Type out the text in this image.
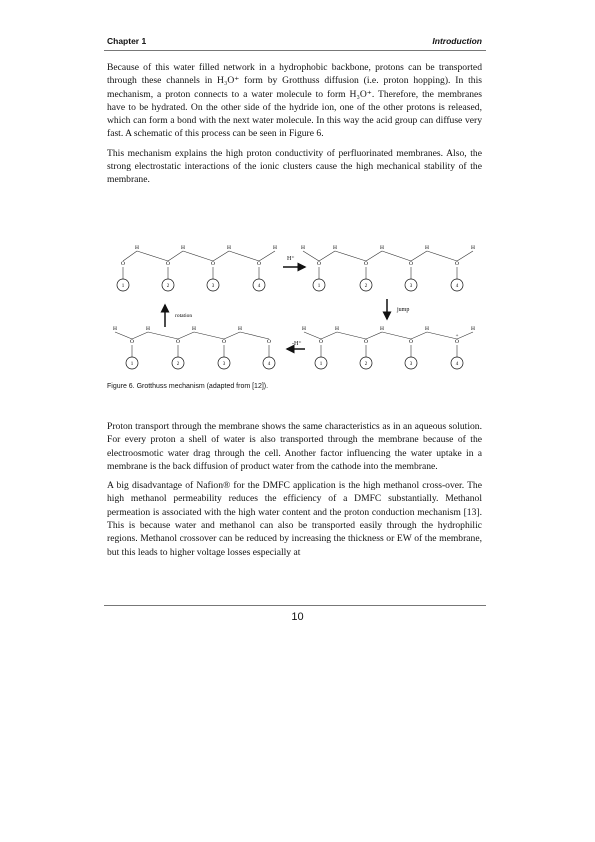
Chapter 1	Introduction

Because of this water filled network in a hydrophobic backbone, protons can be transported through these channels in H₃O⁺ form by Grotthuss diffusion (i.e. proton hopping). In this mechanism, a proton connects to a water molecule to form H₃O⁺. Therefore, the membranes have to be hydrated. On the other side of the hydride ion, one of the other protons is released, which can form a bond with the next water molecule. In this way the acid group can diffuse very fast. A schematic of this process can be seen in Figure 6.

This mechanism explains the high proton conductivity of perfluorinated membranes. Also, the strong electrostatic interactions of the ionic clusters cause the high mechanical stability of the membrane.

H	H	H	H
O
1
O
2
O
3
O
4
H	H	H	H	H
O
1
O
2
O
3
O
4
H	H	H	H
O
1
O
2
O
3
O
4
H	H	H	H	H
O
1
O
2
O
3
O
+
4
H⁺
jump
-H⁺
rotation
Figure 6. Grotthuss mechanism (adapted from [12]).

Proton transport through the membrane shows the same characteristics as in an aqueous solution. For every proton a shell of water is also transported through the membrane because of the electroosmotic water drag through the cell. Another factor influencing the water uptake in a membrane is the back diffusion of product water from the cathode into the membrane.

A big disadvantage of Nafion® for the DMFC application is the high methanol cross-over. The high methanol permeability reduces the efficiency of a DMFC substantially. Methanol permeation is associated with the high water content and the proton conduction mechanism [13]. This is because water and methanol can also be transported easily through the hydrophilic regions. Methanol crossover can be reduced by increasing the thickness or EW of the membrane, but this leads to higher voltage losses especially at

10
